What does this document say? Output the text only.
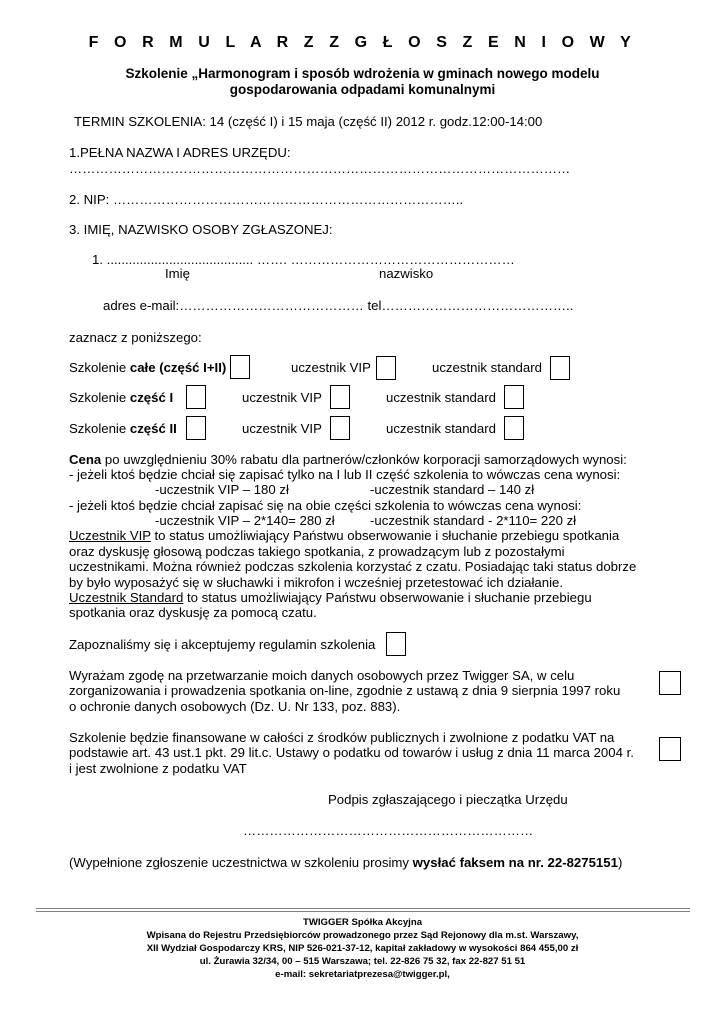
F O R M U L A R Z Z G Ł O S Z E N I O W Y
Szkolenie „Harmonogram i sposób wdrożenia w gminach nowego modelu
gospodarowania odpadami komunalnymi
TERMIN SZKOLENIA: 14 (część I) i 15 maja (część II) 2012 r. godz.12:00-14:00
1.PEŁNA NAZWA I ADRES URZĘDU:
……………………………………………………………………………………………………
2. NIP: ……………………………………………………………………..
3. IMIĘ, NAZWISKO OSOBY ZGŁASZONEJ:
1. ........................................ ……. ……………………………………………
Imię	nazwisko
adres e-mail:…………………………………… tel……………………………………..
zaznacz z poniższego:
Szkolenie całe (część I+II)	uczestnik VIP	uczestnik standard
Szkolenie część I	uczestnik VIP	uczestnik standard
Szkolenie część II	uczestnik VIP	uczestnik standard
Cena po uwzględnieniu 30% rabatu dla partnerów/członków korporacji samorządowych wynosi:
- jeżeli ktoś będzie chciał się zapisać tylko na I lub II część szkolenia to wówczas cena wynosi:
-uczestnik VIP – 180 zł	-uczestnik standard – 140 zł
- jeżeli ktoś będzie chciał zapisać się na obie części szkolenia to wówczas cena wynosi:
-uczestnik VIP – 2*140= 280 zł	-uczestnik standard - 2*110= 220 zł
Uczestnik VIP to status umożliwiający Państwu obserwowanie i słuchanie przebiegu spotkania
oraz dyskusję głosową podczas takiego spotkania, z prowadzącym lub z pozostałymi
uczestnikami. Można również podczas szkolenia korzystać z czatu. Posiadając taki status dobrze
by było wyposażyć się w słuchawki i mikrofon i wcześniej przetestować ich działanie.
Uczestnik Standard to status umożliwiający Państwu obserwowanie i słuchanie przebiegu
spotkania oraz dyskusję za pomocą czatu.
Zapoznaliśmy się i akceptujemy regulamin szkolenia
Wyrażam zgodę na przetwarzanie moich danych osobowych przez Twigger SA, w celu
zorganizowania i prowadzenia spotkania on-line, zgodnie z ustawą z dnia 9 sierpnia 1997 roku
o ochronie danych osobowych (Dz. U. Nr 133, poz. 883).
Szkolenie będzie finansowane w całości z środków publicznych i zwolnione z podatku VAT na
podstawie art. 43 ust.1 pkt. 29 lit.c. Ustawy o podatku od towarów i usług z dnia 11 marca 2004 r.
i jest zwolnione z podatku VAT
Podpis zgłaszającego i pieczątka Urzędu
…………………………………………………………
(Wypełnione zgłoszenie uczestnictwa w szkoleniu prosimy wysłać faksem na nr. 22-8275151)
TWIGGER Spółka Akcyjna
Wpisana do Rejestru Przedsiębiorców prowadzonego przez Sąd Rejonowy dla m.st. Warszawy,
XII Wydział Gospodarczy KRS, NIP 526-021-37-12, kapitał zakładowy w wysokości 864 455,00 zł
ul. Żurawia 32/34, 00 – 515 Warszawa; tel. 22-826 75 32, fax 22-827 51 51
e-mail: sekretariatprezesa@twigger.pl,
